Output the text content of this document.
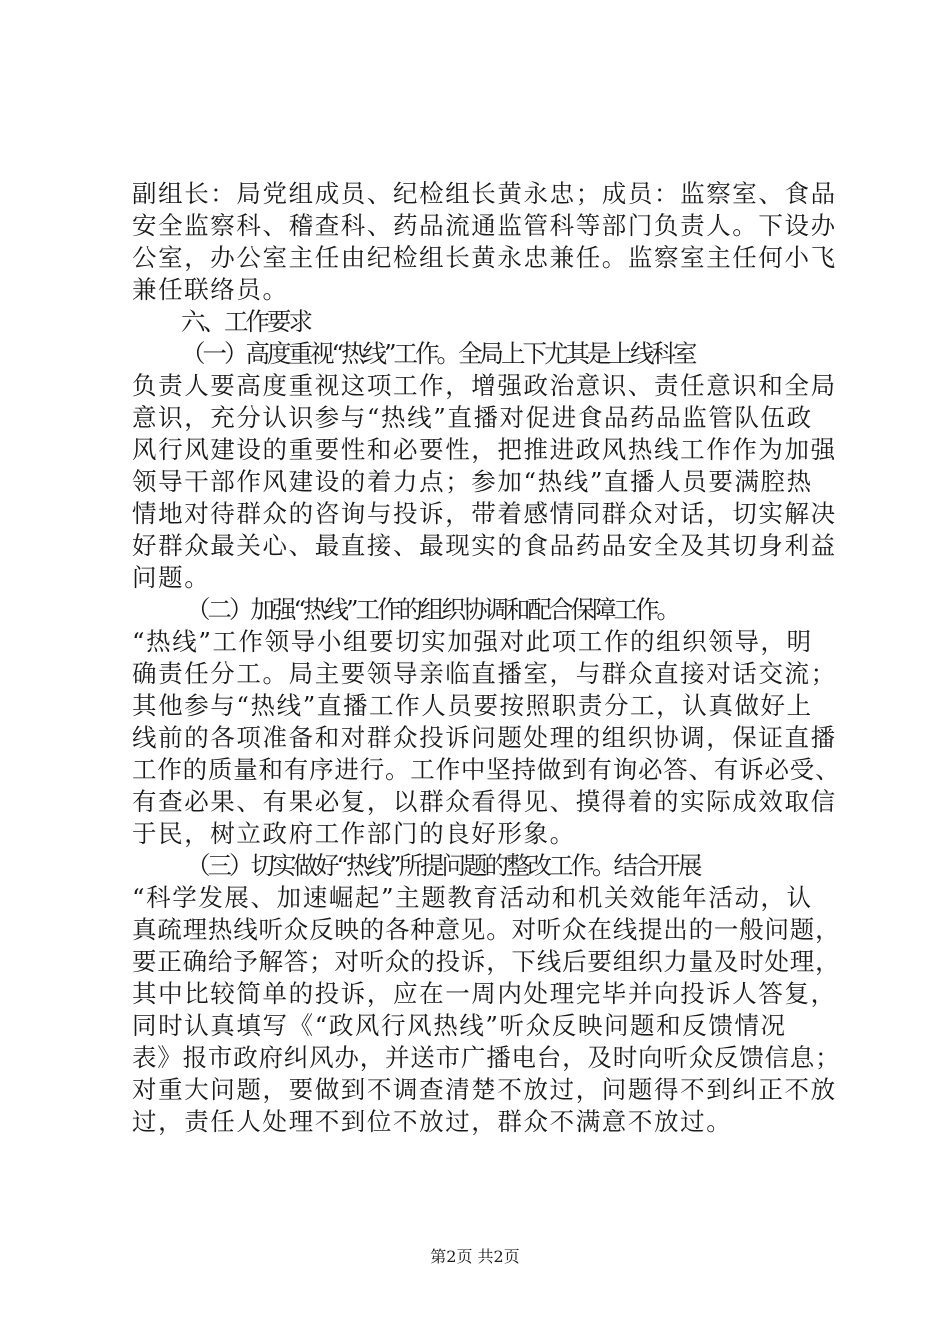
副组长：局党组成员、纪检组长黄永忠；成员：监察室、食品
安全监察科、稽查科、药品流通监管科等部门负责人。下设办
公室，办公室主任由纪检组长黄永忠兼任。监察室主任何小飞
兼任联络员。
六、工作要求
（一）高度重视“热线”工作。全局上下尤其是上线科室
负责人要高度重视这项工作，增强政治意识、责任意识和全局
意识，充分认识参与“热线”直播对促进食品药品监管队伍政
风行风建设的重要性和必要性，把推进政风热线工作作为加强
领导干部作风建设的着力点；参加“热线”直播人员要满腔热
情地对待群众的咨询与投诉，带着感情同群众对话，切实解决
好群众最关心、最直接、最现实的食品药品安全及其切身利益
问题。
（二）加强“热线”工作的组织协调和配合保障工作。
“热线”工作领导小组要切实加强对此项工作的组织领导，明
确责任分工。局主要领导亲临直播室，与群众直接对话交流；
其他参与“热线”直播工作人员要按照职责分工，认真做好上
线前的各项准备和对群众投诉问题处理的组织协调，保证直播
工作的质量和有序进行。工作中坚持做到有询必答、有诉必受、
有查必果、有果必复，以群众看得见、摸得着的实际成效取信
于民，树立政府工作部门的良好形象。
（三）切实做好“热线”所提问题的整改工作。结合开展
“科学发展、加速崛起”主题教育活动和机关效能年活动，认
真疏理热线听众反映的各种意见。对听众在线提出的一般问题，
要正确给予解答；对听众的投诉，下线后要组织力量及时处理，
其中比较简单的投诉，应在一周内处理完毕并向投诉人答复，
同时认真填写《“政风行风热线”听众反映问题和反馈情况
表》报市政府纠风办，并送市广播电台，及时向听众反馈信息；
对重大问题，要做到不调查清楚不放过，问题得不到纠正不放
过，责任人处理不到位不放过，群众不满意不放过。
第2页 共2页
